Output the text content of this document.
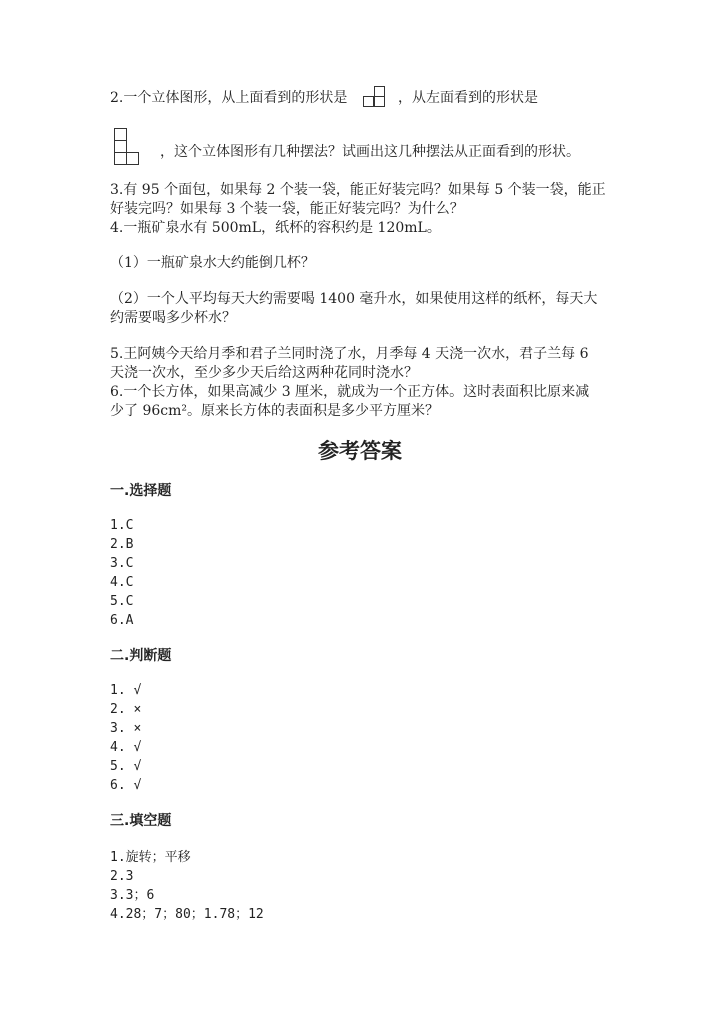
2.一个立体图形，从上面看到的形状是	，从左面看到的形状是
，这个立体图形有几种摆法？试画出这几种摆法从正面看到的形状。
3.有 95 个面包，如果每 2 个装一袋，能正好装完吗？如果每 5 个装一袋，能正
好装完吗？如果每 3 个装一袋，能正好装完吗？为什么？
4.一瓶矿泉水有 500mL，纸杯的容积约是 120mL。
（1）一瓶矿泉水大约能倒几杯？
（2）一个人平均每天大约需要喝 1400 毫升水，如果使用这样的纸杯，每天大
约需要喝多少杯水？
5.王阿姨今天给月季和君子兰同时浇了水，月季每 4 天浇一次水，君子兰每 6
天浇一次水，至少多少天后给这两种花同时浇水？
6.一个长方体，如果高减少 3 厘米，就成为一个正方体。这时表面积比原来减
少了 96cm²。原来长方体的表面积是多少平方厘米？
参考答案
一.选择题
1.C
2.B
3.C
4.C
5.C
6.A
二.判断题
1. √
2. ×
3. ×
4. √
5. √
6. √
三.填空题
1.旋转；平移
2.3
3.3；6
4.28；7；80；1.78；12
